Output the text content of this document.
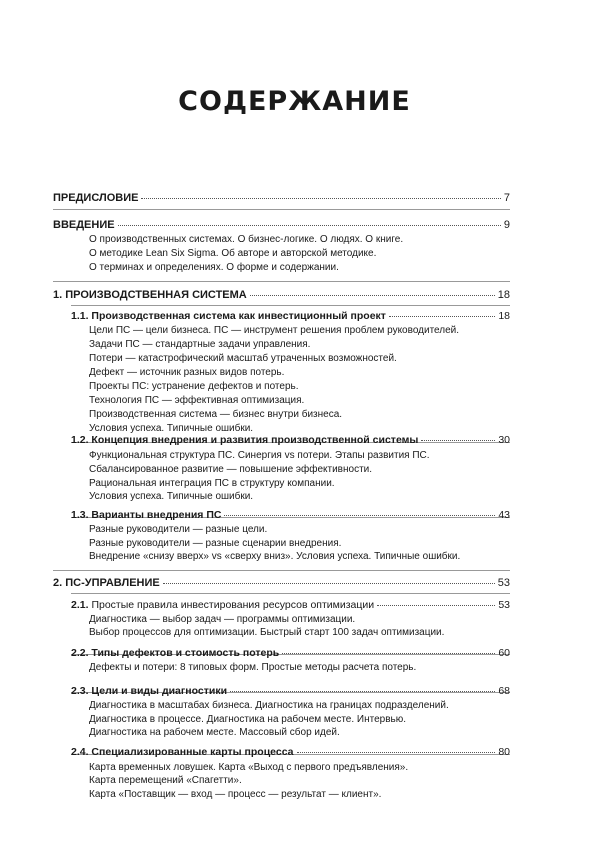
СОДЕРЖАНИЕ
ПРЕДИСЛОВИЕ	7
ВВЕДЕНИЕ	9
О производственных системах. О бизнес-логике. О людях. О книге.
О методике Lean Six Sigma. Об авторе и авторской методике.
О терминах и определениях. О форме и содержании.
1. ПРОИЗВОДСТВЕННАЯ СИСТЕМА	18
1.1. Производственная система как инвестиционный проект	18
Цели ПС — цели бизнеса. ПС — инструмент решения проблем руководителей.
Задачи ПС — стандартные задачи управления.
Потери — катастрофический масштаб утраченных возможностей.
Дефект — источник разных видов потерь.
Проекты ПС: устранение дефектов и потерь.
Технология ПС — эффективная оптимизация.
Производственная система — бизнес внутри бизнеса.
Условия успеха. Типичные ошибки.
1.2. Концепция внедрения и развития производственной системы	30
Функциональная структура ПС. Синергия vs потери. Этапы развития ПС.
Сбалансированное развитие — повышение эффективности.
Рациональная интеграция ПС в структуру компании.
Условия успеха. Типичные ошибки.
1.3. Варианты внедрения ПС	43
Разные руководители — разные цели.
Разные руководители — разные сценарии внедрения.
Внедрение «снизу вверх» vs «сверху вниз». Условия успеха. Типичные ошибки.
2. ПС-УПРАВЛЕНИЕ	53
2.1. Простые правила инвестирования ресурсов оптимизации	53
Диагностика — выбор задач — программы оптимизации.
Выбор процессов для оптимизации. Быстрый старт 100 задач оптимизации.
2.2. Типы дефектов и стоимость потерь	60
Дефекты и потери: 8 типовых форм. Простые методы расчета потерь.
2.3. Цели и виды диагностики	68
Диагностика в масштабах бизнеса. Диагностика на границах подразделений.
Диагностика в процессе. Диагностика на рабочем месте. Интервью.
Диагностика на рабочем месте. Массовый сбор идей.
2.4. Специализированные карты процесса	80
Карта временных ловушек. Карта «Выход с первого предъявления».
Карта перемещений «Спагетти».
Карта «Поставщик — вход — процесс — результат — клиент».
